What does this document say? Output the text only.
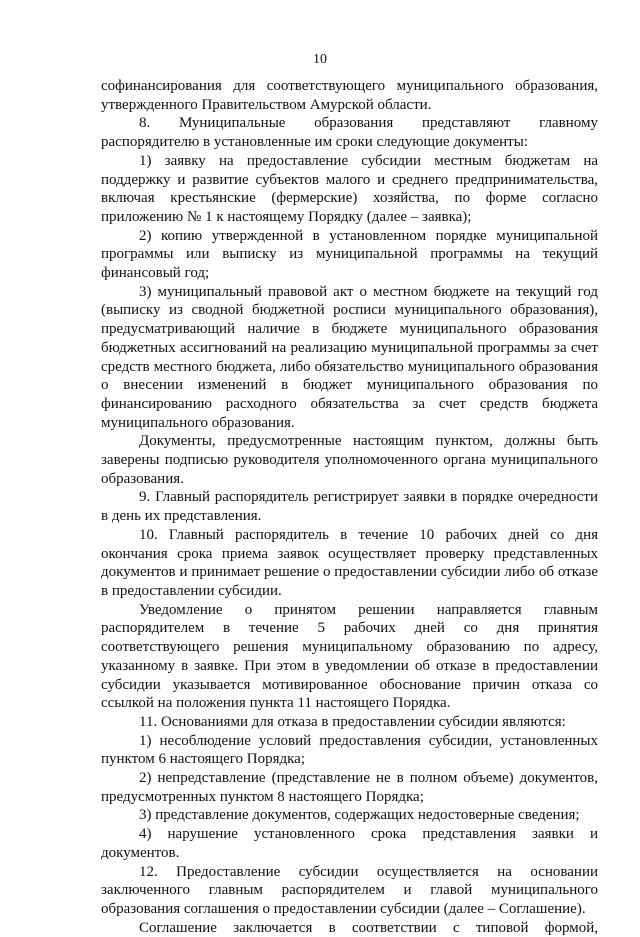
10

софинансирования для соответствующего муниципального образования, утвержденного Правительством Амурской области.

8. Муниципальные образования представляют главному распорядителю в установленные им сроки следующие документы:

1) заявку на предоставление субсидии местным бюджетам на поддержку и развитие субъектов малого и среднего предпринимательства, включая крестьянские (фермерские) хозяйства, по форме согласно приложению № 1 к настоящему Порядку (далее – заявка);

2) копию утвержденной в установленном порядке муниципальной программы или выписку из муниципальной программы на текущий финансовый год;

3) муниципальный правовой акт о местном бюджете на текущий год (выписку из сводной бюджетной росписи муниципального образования), предусматривающий наличие в бюджете муниципального образования бюджетных ассигнований на реализацию муниципальной программы за счет средств местного бюджета, либо обязательство муниципального образования о внесении изменений в бюджет муниципального образования по финансированию расходного обязательства за счет средств бюджета муниципального образования.

Документы, предусмотренные настоящим пунктом, должны быть заверены подписью руководителя уполномоченного органа муниципального образования.

9. Главный распорядитель регистрирует заявки в порядке очередности в день их представления.

10. Главный распорядитель в течение 10 рабочих дней со дня окончания срока приема заявок осуществляет проверку представленных документов и принимает решение о предоставлении субсидии либо об отказе в предоставлении субсидии.

Уведомление о принятом решении направляется главным распорядителем в течение 5 рабочих дней со дня принятия соответствующего решения муниципальному образованию по адресу, указанному в заявке. При этом в уведомлении об отказе в предоставлении субсидии указывается мотивированное обоснование причин отказа со ссылкой на положения пункта 11 настоящего Порядка.

11. Основаниями для отказа в предоставлении субсидии являются:

1) несоблюдение условий предоставления субсидии, установленных пунктом 6 настоящего Порядка;

2) непредставление (представление не в полном объеме) документов, предусмотренных пунктом 8 настоящего Порядка;

3) представление документов, содержащих недостоверные сведения;

4) нарушение установленного срока представления заявки и документов.

12. Предоставление субсидии осуществляется на основании заключенного главным распорядителем и главой муниципального образования соглашения о предоставлении субсидии (далее – Соглашение).

Соглашение заключается в соответствии с типовой формой,
